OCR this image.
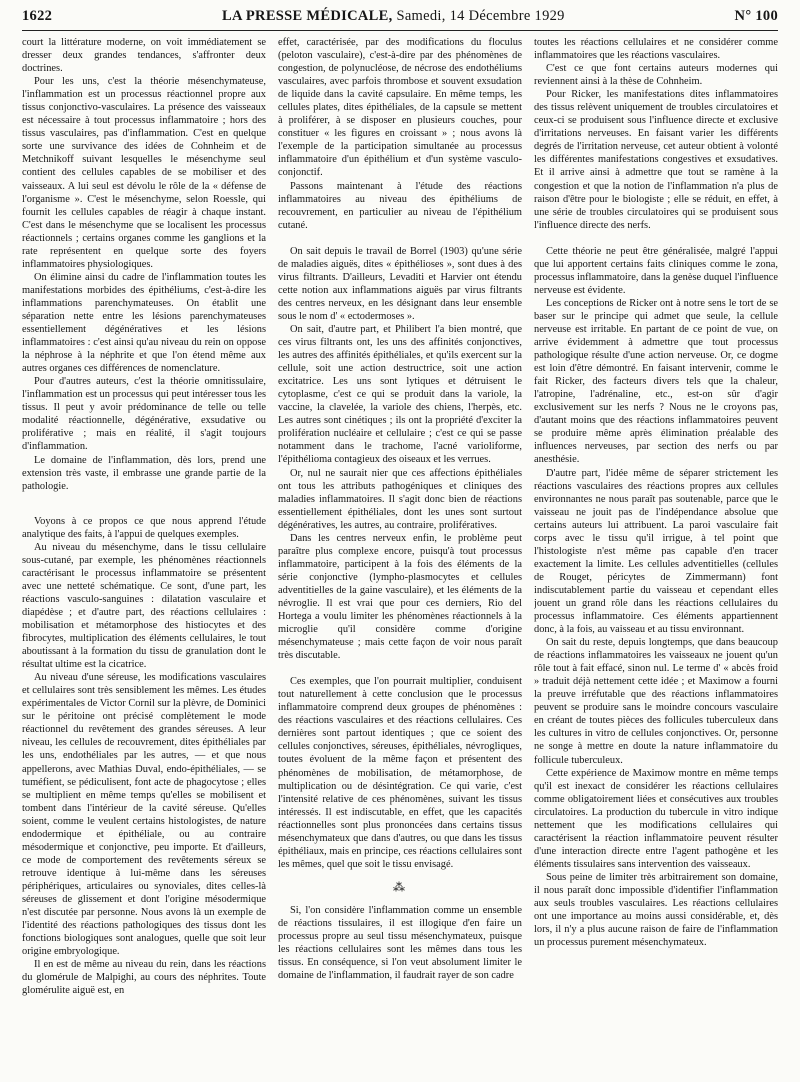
1622	LA PRESSE MÉDICALE, Samedi, 14 Décembre 1929	N° 100

court la littérature moderne, on voit immédiatement se dresser deux grandes tendances, s'affronter deux doctrines.

Pour les uns, c'est la théorie mésenchymateuse, l'inflammation est un processus réactionnel propre aux tissus conjonctivo-vasculaires. La présence des vaisseaux est nécessaire à tout processus inflammatoire ; hors des tissus vasculaires, pas d'inflammation. C'est en quelque sorte une survivance des idées de Cohnheim et de Metchnikoff suivant lesquelles le mésenchyme seul contient des cellules capables de se mobiliser et des vaisseaux. A lui seul est dévolu le rôle de la « défense de l'organisme ». C'est le mésenchyme, selon Roessle, qui fournit les cellules capables de réagir à chaque instant. C'est dans le mésenchyme que se localisent les processus réactionnels ; certains organes comme les ganglions et la rate représentent en quelque sorte des foyers inflammatoires physiologiques.

On élimine ainsi du cadre de l'inflammation toutes les manifestations morbides des épithéliums, c'est-à-dire les inflammations parenchymateuses. On établit une séparation nette entre les lésions parenchymateuses essentiellement dégénératives et les lésions inflammatoires : c'est ainsi qu'au niveau du rein on oppose la néphrose à la néphrite et que l'on étend même aux autres organes ces différences de nomenclature.

Pour d'autres auteurs, c'est la théorie omnitissulaire, l'inflammation est un processus qui peut intéresser tous les tissus. Il peut y avoir prédominance de telle ou telle modalité réactionnelle, dégénérative, exsudative ou proliférative ; mais en réalité, il s'agit toujours d'inflammation.

Le domaine de l'inflammation, dès lors, prend une extension très vaste, il embrasse une grande partie de la pathologie.

Voyons à ce propos ce que nous apprend l'étude analytique des faits, à l'appui de quelques exemples.

Au niveau du mésenchyme, dans le tissu cellulaire sous-cutané, par exemple, les phénomènes réactionnels caractérisant le processus inflammatoire se présentent avec une netteté schématique. Ce sont, d'une part, les réactions vasculo-sanguines : dilatation vasculaire et diapédèse ; et d'autre part, des réactions cellulaires : mobilisation et métamorphose des histiocytes et des fibrocytes, multiplication des éléments cellulaires, le tout aboutissant à la formation du tissu de granulation dont le résultat ultime est la cicatrice.

Au niveau d'une séreuse, les modifications vasculaires et cellulaires sont très sensiblement les mêmes. Les études expérimentales de Victor Cornil sur la plèvre, de Dominici sur le péritoine ont précisé complètement le mode réactionnel du revêtement des grandes séreuses. A leur niveau, les cellules de recouvrement, dites épithéliales par les uns, endothéliales par les autres, — et que nous appellerons, avec Mathias Duval, endo-épithéliales, — se tuméfient, se pédiculisent, font acte de phagocytose ; elles se multiplient en même temps qu'elles se mobilisent et tombent dans l'intérieur de la cavité séreuse. Qu'elles soient, comme le veulent certains histologistes, de nature endodermique et épithéliale, ou au contraire mésodermique et conjonctive, peu importe. Et d'ailleurs, ce mode de comportement des revêtements séreux se retrouve identique à lui-même dans les séreuses périphériques, articulaires ou synoviales, dites celles-là séreuses de glissement et dont l'origine mésodermique n'est discutée par personne. Nous avons là un exemple de l'identité des réactions pathologiques des tissus dont les fonctions biologiques sont analogues, quelle que soit leur origine embryologique.

Il en est de même au niveau du rein, dans les réactions du glomérule de Malpighi, au cours des néphrites. Toute glomérulite aiguë est, en

effet, caractérisée, par des modifications du floculus (peloton vasculaire), c'est-à-dire par des phénomènes de congestion, de polynucléose, de nécrose des endothéliums vasculaires, avec parfois thrombose et souvent exsudation de liquide dans la cavité capsulaire. En même temps, les cellules plates, dites épithéliales, de la capsule se mettent à proliférer, à se disposer en plusieurs couches, pour constituer « les figures en croissant » ; nous avons là l'exemple de la participation simultanée au processus inflammatoire d'un épithélium et d'un système vasculo-conjonctif.

Passons maintenant à l'étude des réactions inflammatoires au niveau des épithéliums de recouvrement, en particulier au niveau de l'épithélium cutané.

On sait depuis le travail de Borrel (1903) qu'une série de maladies aiguës, dites « épithélioses », sont dues à des virus filtrants. D'ailleurs, Levaditi et Harvier ont étendu cette notion aux inflammations aiguës par virus filtrants des centres nerveux, en les désignant dans leur ensemble sous le nom d' « ectodermoses ».

On sait, d'autre part, et Philibert l'a bien montré, que ces virus filtrants ont, les uns des affinités conjonctives, les autres des affinités épithéliales, et qu'ils exercent sur la cellule, soit une action destructrice, soit une action excitatrice. Les uns sont lytiques et détruisent le cytoplasme, c'est ce qui se produit dans la variole, la vaccine, la clavelée, la variole des chiens, l'herpès, etc. Les autres sont cinétiques ; ils ont la propriété d'exciter la prolifération nucléaire et cellulaire ; c'est ce qui se passe notamment dans le trachome, l'acné varioliforme, l'épithélioma contagieux des oiseaux et les verrues.

Or, nul ne saurait nier que ces affections épithéliales ont tous les attributs pathogéniques et cliniques des maladies inflammatoires. Il s'agit donc bien de réactions essentiellement épithéliales, dont les unes sont surtout dégénératives, les autres, au contraire, prolifératives.

Dans les centres nerveux enfin, le problème peut paraître plus complexe encore, puisqu'à tout processus inflammatoire, participent à la fois des éléments de la série conjonctive (lympho-plasmocytes et cellules adventitielles de la gaine vasculaire), et les éléments de la névroglie. Il est vrai que pour ces derniers, Rio del Hortega a voulu limiter les phénomènes réactionnels à la microglie qu'il considère comme d'origine mésenchymateuse ; mais cette façon de voir nous paraît très discutable.

Ces exemples, que l'on pourrait multiplier, conduisent tout naturellement à cette conclusion que le processus inflammatoire comprend deux groupes de phénomènes : des réactions vasculaires et des réactions cellulaires. Ces dernières sont partout identiques ; que ce soient des cellules conjonctives, séreuses, épithéliales, névrogliques, toutes évoluent de la même façon et présentent des phénomènes de mobilisation, de métamorphose, de multiplication ou de désintégration. Ce qui varie, c'est l'intensité relative de ces phénomènes, suivant les tissus intéressés. Il est indiscutable, en effet, que les capacités réactionnelles sont plus prononcées dans certains tissus mésenchymateux que dans d'autres, ou que dans les tissus épithéliaux, mais en principe, ces réactions cellulaires sont les mêmes, quel que soit le tissu envisagé.

⁂

Si, l'on considère l'inflammation comme un ensemble de réactions tissulaires, il est illogique d'en faire un processus propre au seul tissu mésenchymateux, puisque les réactions cellulaires sont les mêmes dans tous les tissus. En conséquence, si l'on veut absolument limiter le domaine de l'inflammation, il faudrait rayer de son cadre

toutes les réactions cellulaires et ne considérer comme inflammatoires que les réactions vasculaires.

C'est ce que font certains auteurs modernes qui reviennent ainsi à la thèse de Cohnheim.

Pour Ricker, les manifestations dites inflammatoires des tissus relèvent uniquement de troubles circulatoires et ceux-ci se produisent sous l'influence directe et exclusive d'irritations nerveuses. En faisant varier les différents degrés de l'irritation nerveuse, cet auteur obtient à volonté les différentes manifestations congestives et exsudatives. Et il arrive ainsi à admettre que tout se ramène à la congestion et que la notion de l'inflammation n'a plus de raison d'être pour le biologiste ; elle se réduit, en effet, à une série de troubles circulatoires qui se produisent sous l'influence directe des nerfs.

Cette théorie ne peut être généralisée, malgré l'appui que lui apportent certains faits cliniques comme le zona, processus inflammatoire, dans la genèse duquel l'influence nerveuse est évidente.

Les conceptions de Ricker ont à notre sens le tort de se baser sur le principe qui admet que seule, la cellule nerveuse est irritable. En partant de ce point de vue, on arrive évidemment à admettre que tout processus pathologique résulte d'une action nerveuse. Or, ce dogme est loin d'être démontré. En faisant intervenir, comme le fait Ricker, des facteurs divers tels que la chaleur, l'atropine, l'adrénaline, etc., est-on sûr d'agir exclusivement sur les nerfs ? Nous ne le croyons pas, d'autant moins que des réactions inflammatoires peuvent se produire même après élimination préalable des influences nerveuses, par section des nerfs ou par anesthésie.

D'autre part, l'idée même de séparer strictement les réactions vasculaires des réactions propres aux cellules environnantes ne nous paraît pas soutenable, parce que le vaisseau ne jouit pas de l'indépendance absolue que certains auteurs lui attribuent. La paroi vasculaire fait corps avec le tissu qu'il irrigue, à tel point que l'histologiste n'est même pas capable d'en tracer exactement la limite. Les cellules adventitielles (cellules de Rouget, péricytes de Zimmermann) font indiscutablement partie du vaisseau et cependant elles jouent un grand rôle dans les réactions cellulaires du processus inflammatoire. Ces éléments appartiennent donc, à la fois, au vaisseau et au tissu environnant.

On sait du reste, depuis longtemps, que dans beaucoup de réactions inflammatoires les vaisseaux ne jouent qu'un rôle tout à fait effacé, sinon nul. Le terme d' « abcès froid » traduit déjà nettement cette idée ; et Maximow a fourni la preuve irréfutable que des réactions inflammatoires peuvent se produire sans le moindre concours vasculaire en créant de toutes pièces des follicules tuberculeux dans les cultures in vitro de cellules conjonctives. Or, personne ne songe à mettre en doute la nature inflammatoire du follicule tuberculeux.

Cette expérience de Maximow montre en même temps qu'il est inexact de considérer les réactions cellulaires comme obligatoirement liées et consécutives aux troubles circulatoires. La production du tubercule in vitro indique nettement que les modifications cellulaires qui caractérisent la réaction inflammatoire peuvent résulter d'une interaction directe entre l'agent pathogène et les éléments tissulaires sans intervention des vaisseaux.

Sous peine de limiter très arbitrairement son domaine, il nous paraît donc impossible d'identifier l'inflammation aux seuls troubles vasculaires. Les réactions cellulaires ont une importance au moins aussi considérable, et, dès lors, il n'y a plus aucune raison de faire de l'inflammation un processus purement mésenchymateux.
